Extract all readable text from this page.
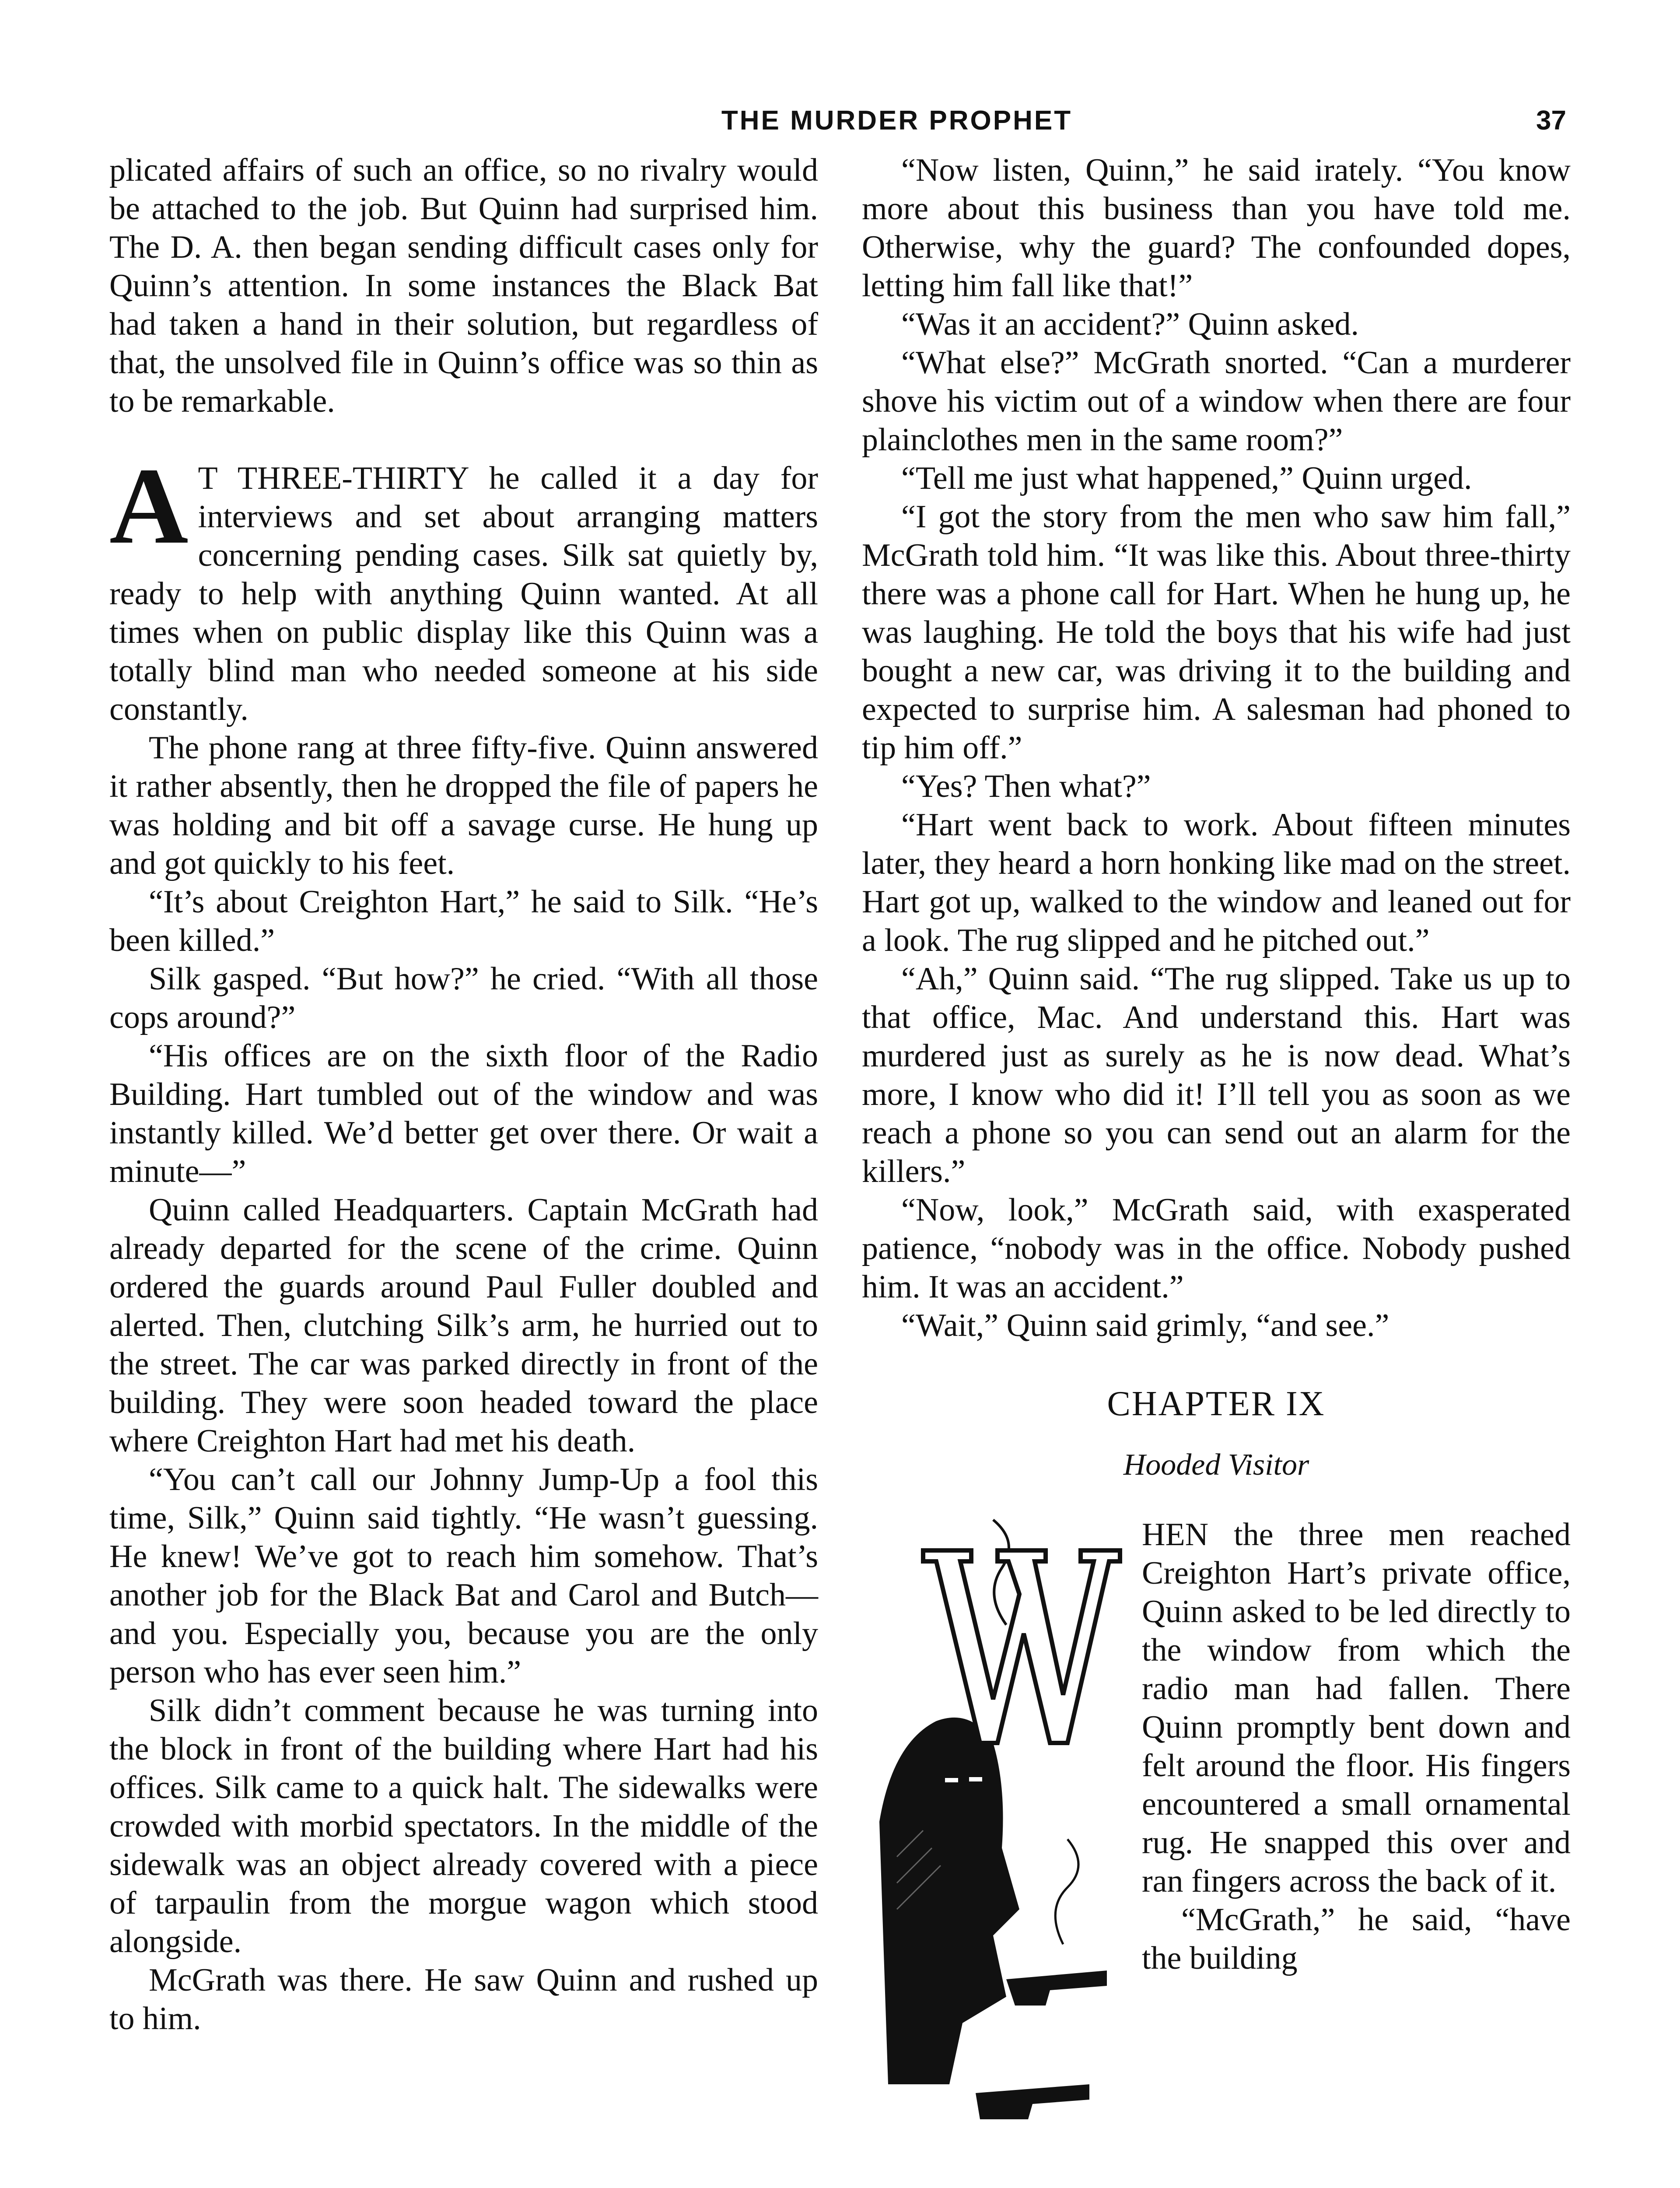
THE MURDER PROPHET	37

plicated affairs of such an office, so no rivalry would be attached to the job. But Quinn had surprised him. The D. A. then began sending difficult cases only for Quinn’s attention. In some instances the Black Bat had taken a hand in their solution, but regardless of that, the unsolved file in Quinn’s office was so thin as to be remarkable.

A T THREE-THIRTY he called it a day for interviews and set about arranging matters concerning pending cases. Silk sat quietly by, ready to help with anything Quinn wanted. At all times when on public display like this Quinn was a totally blind man who needed someone at his side constantly.

The phone rang at three fifty-five. Quinn answered it rather absently, then he dropped the file of papers he was holding and bit off a savage curse. He hung up and got quickly to his feet.

“It’s about Creighton Hart,” he said to Silk. “He’s been killed.”

Silk gasped. “But how?” he cried. “With all those cops around?”

“His offices are on the sixth floor of the Radio Building. Hart tumbled out of the window and was instantly killed. We’d better get over there. Or wait a minute—”

Quinn called Headquarters. Captain McGrath had already departed for the scene of the crime. Quinn ordered the guards around Paul Fuller doubled and alerted. Then, clutching Silk’s arm, he hurried out to the street. The car was parked directly in front of the building. They were soon headed toward the place where Creighton Hart had met his death.

“You can’t call our Johnny Jump-Up a fool this time, Silk,” Quinn said tightly. “He wasn’t guessing. He knew! We’ve got to reach him somehow. That’s another job for the Black Bat and Carol and Butch—and you. Especially you, because you are the only person who has ever seen him.”

Silk didn’t comment because he was turning into the block in front of the building where Hart had his offices. Silk came to a quick halt. The sidewalks were crowded with morbid spectators. In the middle of the sidewalk was an object already covered with a piece of tarpaulin from the morgue wagon which stood alongside.

McGrath was there. He saw Quinn and rushed up to him.

“Now listen, Quinn,” he said irately. “You know more about this business than you have told me. Otherwise, why the guard? The confounded dopes, letting him fall like that!”

“Was it an accident?” Quinn asked.

“What else?” McGrath snorted. “Can a murderer shove his victim out of a window when there are four plainclothes men in the same room?”

“Tell me just what happened,” Quinn urged.

“I got the story from the men who saw him fall,” McGrath told him. “It was like this. About three-thirty there was a phone call for Hart. When he hung up, he was laughing. He told the boys that his wife had just bought a new car, was driving it to the building and expected to surprise him. A salesman had phoned to tip him off.”

“Yes? Then what?”

“Hart went back to work. About fifteen minutes later, they heard a horn honking like mad on the street. Hart got up, walked to the window and leaned out for a look. The rug slipped and he pitched out.”

“Ah,” Quinn said. “The rug slipped. Take us up to that office, Mac. And understand this. Hart was murdered just as surely as he is now dead. What’s more, I know who did it! I’ll tell you as soon as we reach a phone so you can send out an alarm for the killers.”

“Now, look,” McGrath said, with exasperated patience, “nobody was in the office. Nobody pushed him. It was an accident.”

“Wait,” Quinn said grimly, “and see.”

CHAPTER IX
Hooded Visitor

HEN the three men reached Creighton Hart’s private office, Quinn asked to be led directly to the window from which the radio man had fallen. There Quinn promptly bent down and felt around the floor. His fingers encountered a small ornamental rug. He snapped this over and ran fingers across the back of it.

“McGrath,” he said, “have the building
